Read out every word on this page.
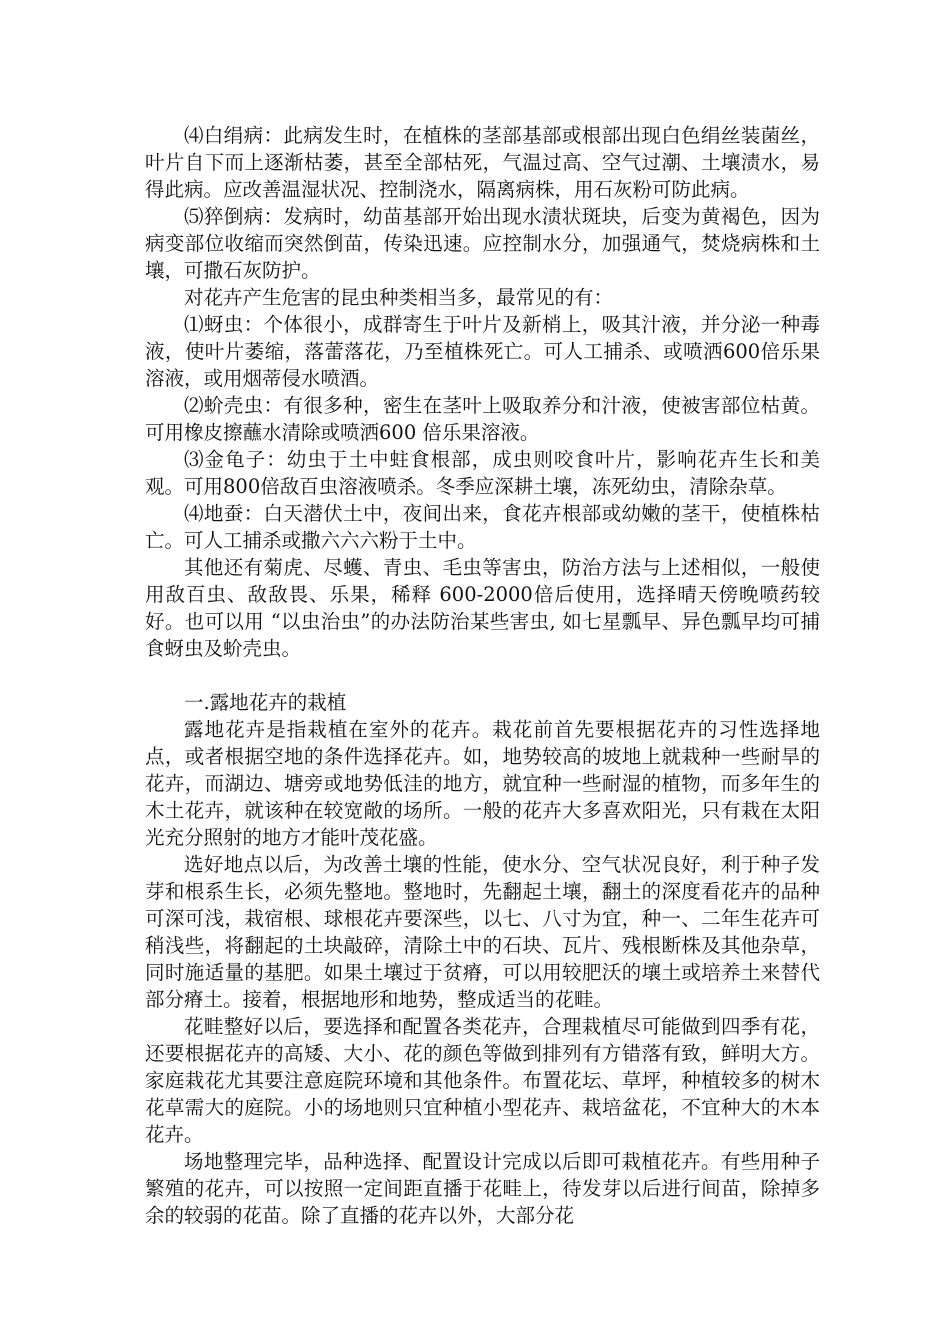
⑷白绢病：此病发生时，在植株的茎部基部或根部出现白色绢丝装菌丝，叶片自下而上逐渐枯萎，甚至全部枯死，气温过高、空气过潮、土壤渍水，易得此病。应改善温湿状况、控制浇水，隔离病株，用石灰粉可防此病。

⑸猝倒病：发病时，幼苗基部开始出现水渍状斑块，后变为黄褐色，因为病变部位收缩而突然倒苗，传染迅速。应控制水分，加强通气，焚烧病株和土壤，可撒石灰防护。

对花卉产生危害的昆虫种类相当多，最常见的有：

⑴蚜虫：个体很小，成群寄生于叶片及新梢上，吸其汁液，并分泌一种毒液，使叶片萎缩，落蕾落花，乃至植株死亡。可人工捕杀、或喷洒600倍乐果溶液，或用烟蒂侵水喷酒。

⑵蚧壳虫：有很多种，密生在茎叶上吸取养分和汁液，使被害部位枯黄。可用橡皮擦蘸水清除或喷洒600 倍乐果溶液。

⑶金龟子：幼虫于土中蛀食根部，成虫则咬食叶片，影响花卉生长和美观。可用800倍敌百虫溶液喷杀。冬季应深耕土壤，冻死幼虫，清除杂草。

⑷地蚕：白天潜伏土中，夜间出来，食花卉根部或幼嫩的茎干，使植株枯亡。可人工捕杀或撒六六六粉于土中。

其他还有菊虎、尽蠖、青虫、毛虫等害虫，防治方法与上述相似，一般使用敌百虫、敌敌畏、乐果，稀释 600-2000倍后使用，选择晴天傍晚喷药较好。也可以用 “以虫治虫”的办法防治某些害虫, 如七星瓢早、异色瓢早均可捕食蚜虫及蚧壳虫。

一.露地花卉的栽植

露地花卉是指栽植在室外的花卉。栽花前首先要根据花卉的习性选择地点，或者根据空地的条件选择花卉。如，地势较高的坡地上就栽种一些耐旱的花卉，而湖边、塘旁或地势低洼的地方，就宜种一些耐湿的植物，而多年生的木土花卉，就该种在较宽敞的场所。一般的花卉大多喜欢阳光，只有栽在太阳光充分照射的地方才能叶茂花盛。

选好地点以后，为改善土壤的性能，使水分、空气状况良好，利于种子发芽和根系生长，必须先整地。整地时，先翻起土壤，翻土的深度看花卉的品种可深可浅，栽宿根、球根花卉要深些，以七、八寸为宜，种一、二年生花卉可稍浅些，将翻起的土块敲碎，清除土中的石块、瓦片、残根断株及其他杂草，同时施适量的基肥。如果土壤过于贫瘠，可以用较肥沃的壤土或培养土来替代部分瘠土。接着，根据地形和地势，整成适当的花畦。

花畦整好以后，要选择和配置各类花卉，合理栽植尽可能做到四季有花，还要根据花卉的高矮、大小、花的颜色等做到排列有方错落有致，鲜明大方。家庭栽花尤其要注意庭院环境和其他条件。布置花坛、草坪，种植较多的树木花草需大的庭院。小的场地则只宜种植小型花卉、栽培盆花，不宜种大的木本花卉。

场地整理完毕，品种选择、配置设计完成以后即可栽植花卉。有些用种子繁殖的花卉，可以按照一定间距直播于花畦上，待发芽以后进行间苗，除掉多余的较弱的花苗。除了直播的花卉以外，大部分花
